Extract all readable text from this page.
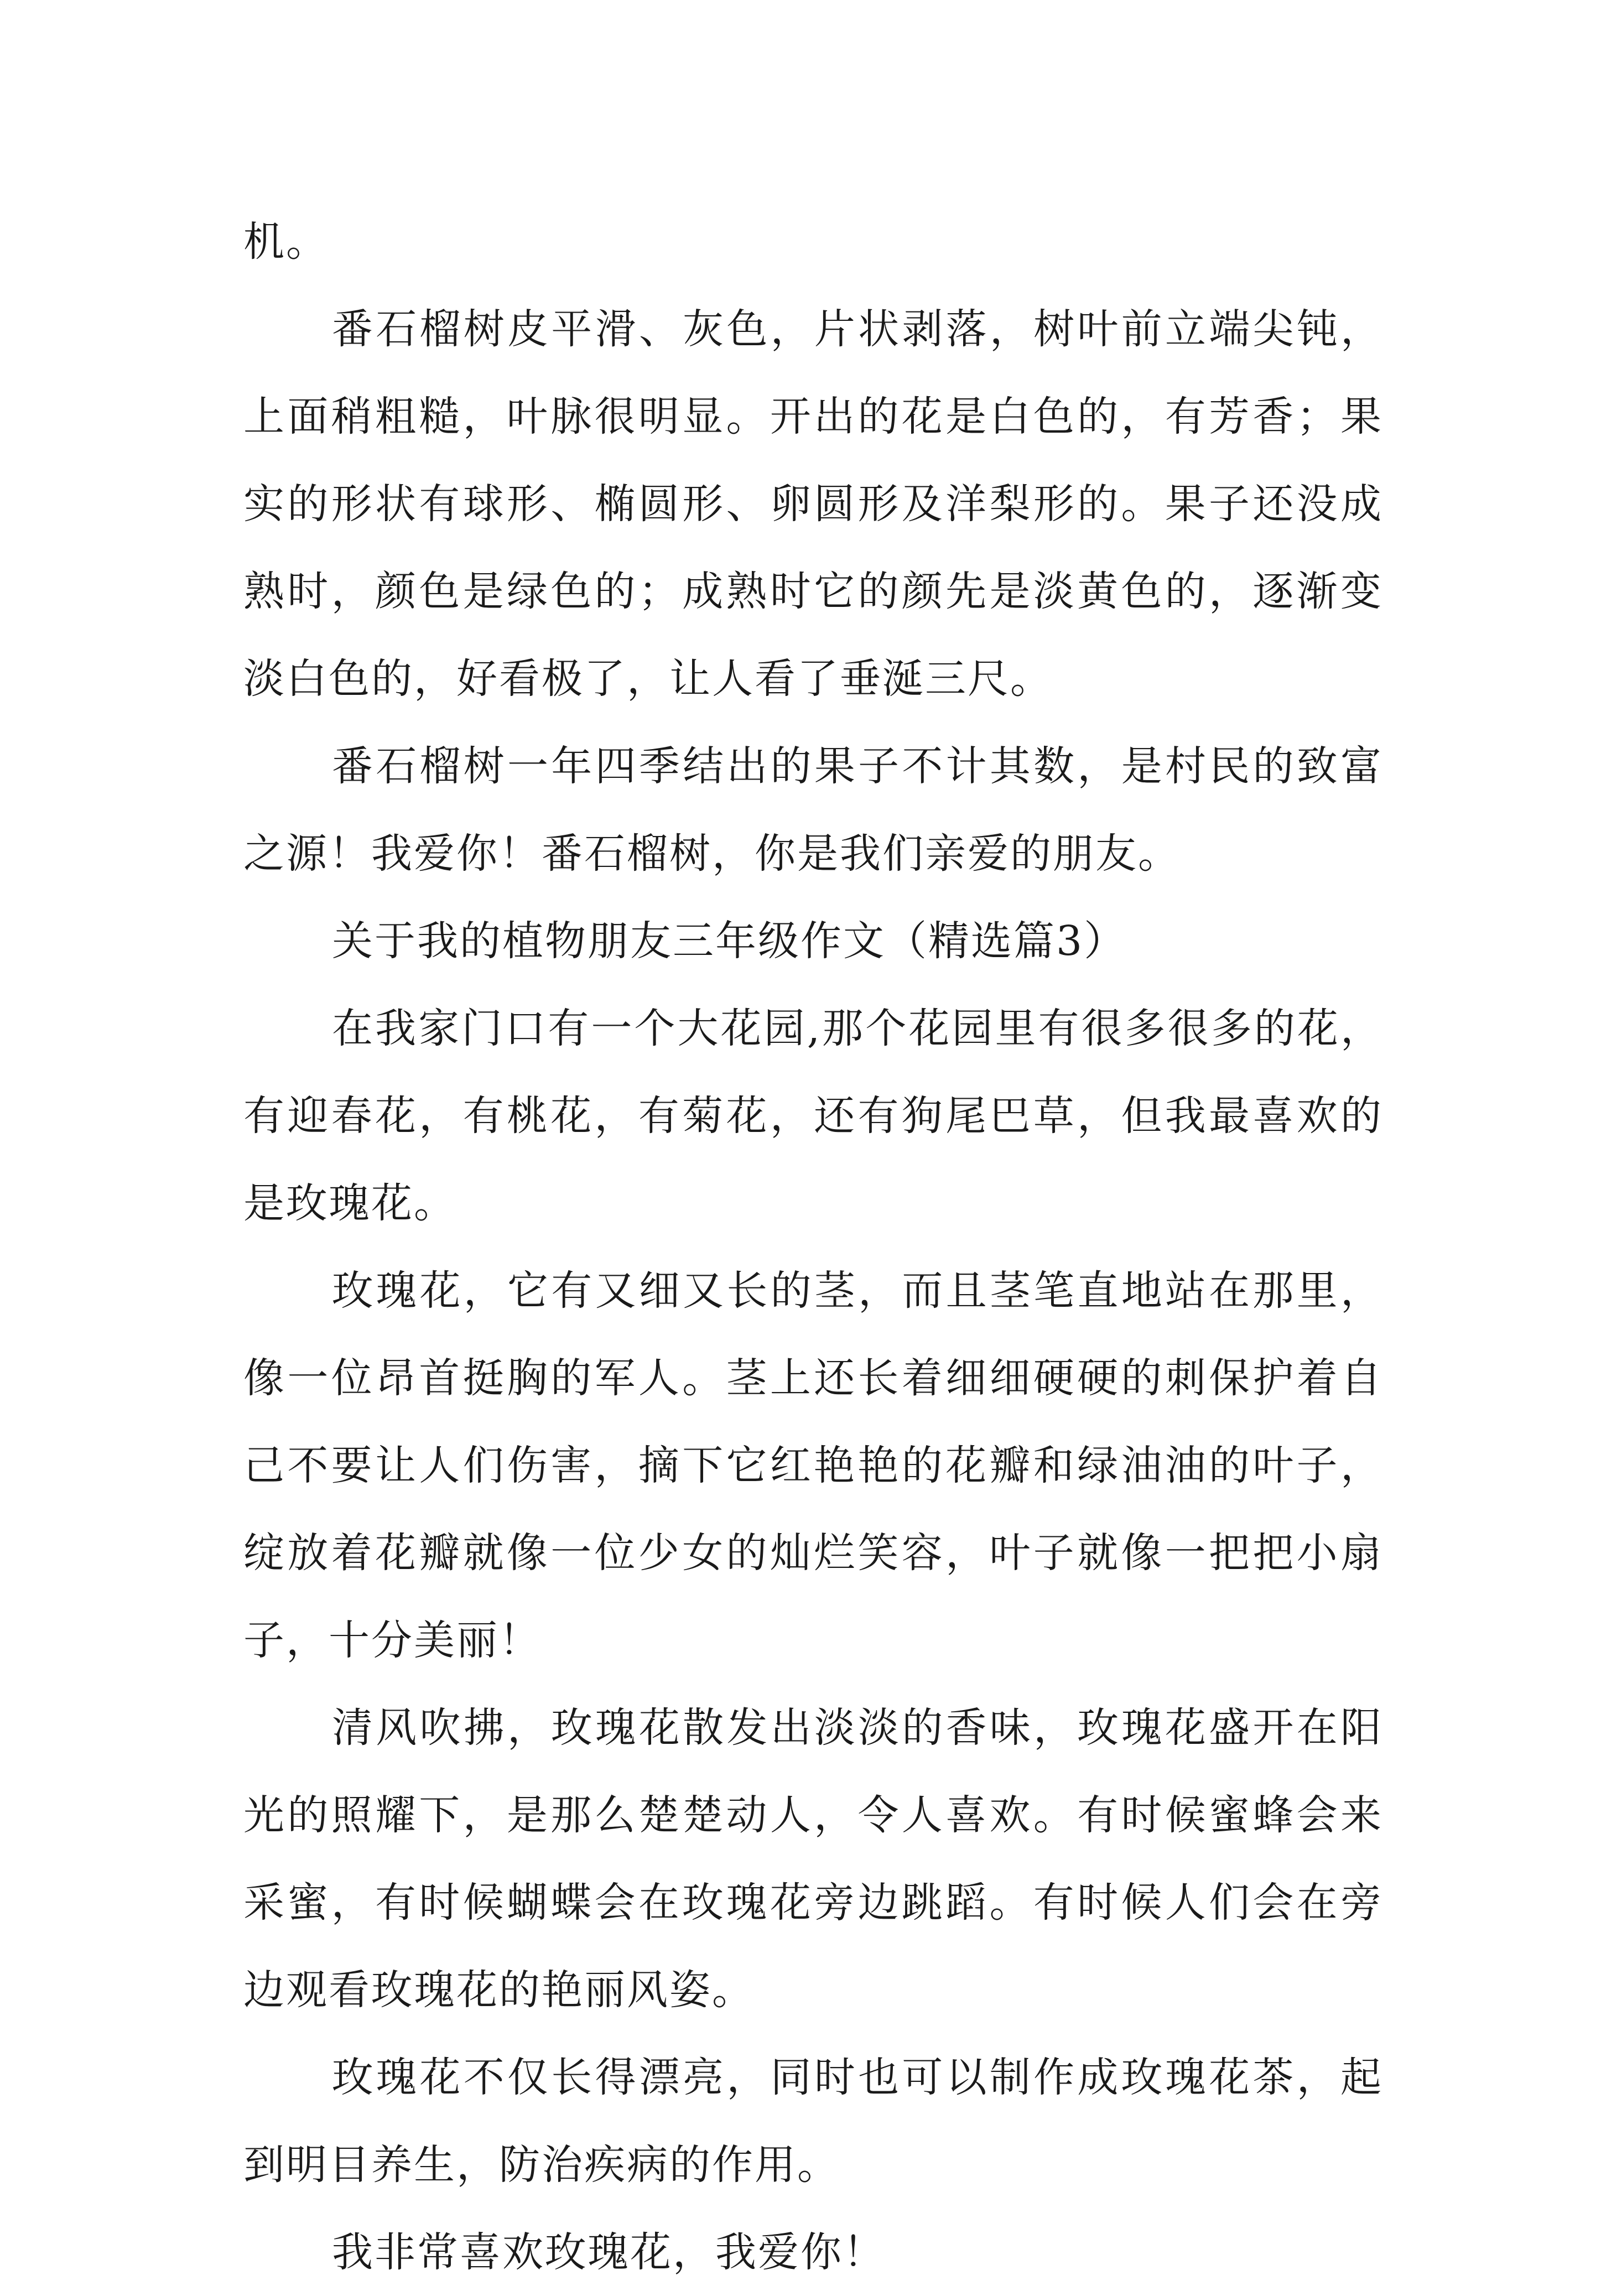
机。

番石榴树皮平滑、灰色，片状剥落，树叶前立端尖钝，上面稍粗糙，叶脉很明显。开出的花是白色的，有芳香；果实的形状有球形、椭圆形、卵圆形及洋梨形的。果子还没成熟时，颜色是绿色的；成熟时它的颜先是淡黄色的，逐渐变淡白色的，好看极了，让人看了垂涎三尺。

番石榴树一年四季结出的果子不计其数，是村民的致富之源！我爱你！番石榴树，你是我们亲爱的朋友。

关于我的植物朋友三年级作文（精选篇3）

在我家门口有一个大花园,那个花园里有很多很多的花，有迎春花，有桃花，有菊花，还有狗尾巴草，但我最喜欢的是玫瑰花。

玫瑰花，它有又细又长的茎，而且茎笔直地站在那里，像一位昂首挺胸的军人。茎上还长着细细硬硬的刺保护着自己不要让人们伤害，摘下它红艳艳的花瓣和绿油油的叶子，绽放着花瓣就像一位少女的灿烂笑容，叶子就像一把把小扇子，十分美丽！

清风吹拂，玫瑰花散发出淡淡的香味，玫瑰花盛开在阳光的照耀下，是那么楚楚动人，令人喜欢。有时候蜜蜂会来采蜜，有时候蝴蝶会在玫瑰花旁边跳蹈。有时候人们会在旁边观看玫瑰花的艳丽风姿。

玫瑰花不仅长得漂亮，同时也可以制作成玫瑰花茶，起到明目养生，防治疾病的作用。

我非常喜欢玫瑰花，我爱你！
